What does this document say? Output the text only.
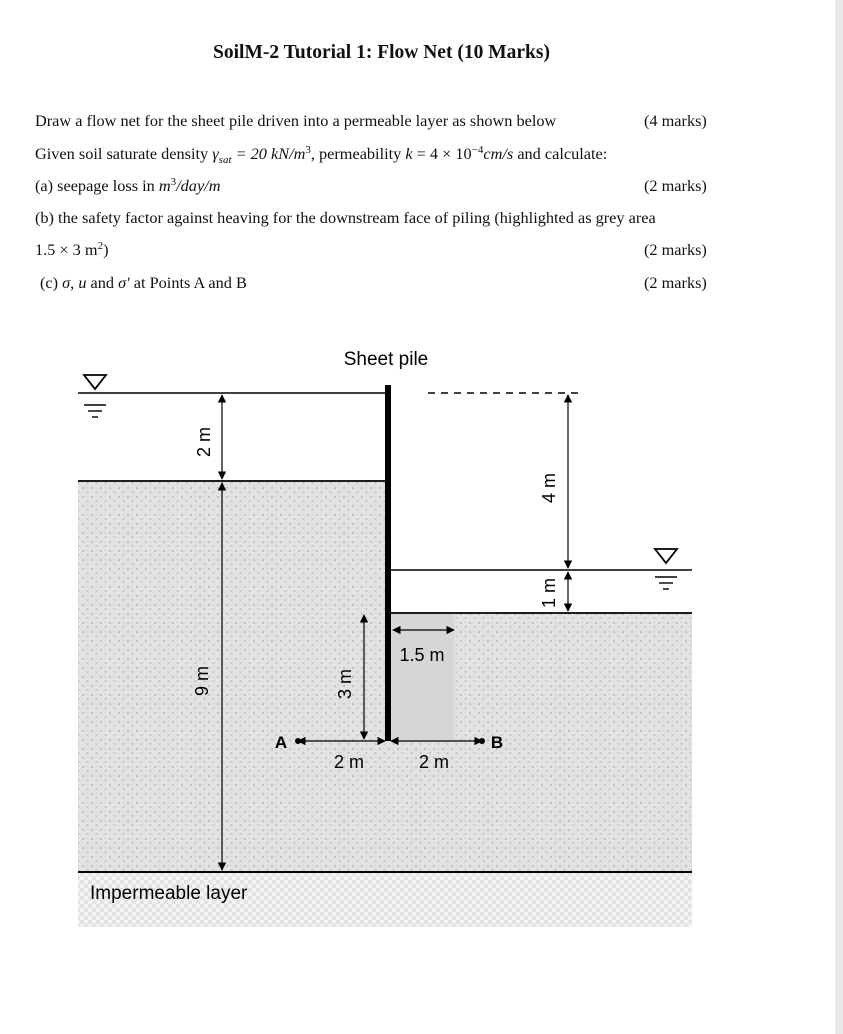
SoilM-2 Tutorial 1: Flow Net (10 Marks)
Draw a flow net for the sheet pile driven into a permeable layer as shown below	(4 marks)
Given soil saturate density $\gamma_{sat} = 20$ $kN/m^3$, permeability $k = 4 \times 10^{-4}cm/s$ and calculate:
(a) seepage loss in $m^3/day/m$	(2 marks)
(b) the safety factor against heaving for the downstream face of piling (highlighted as grey area
1.5 × 3 $m^2$)	(2 marks)
(c) σ, u and σ′ at Points A and B	(2 marks)
Sheet pile
2 m
9 m
4 m
1 m
3 m
1.5 m
2 m	2 m
A	B
Impermeable layer
